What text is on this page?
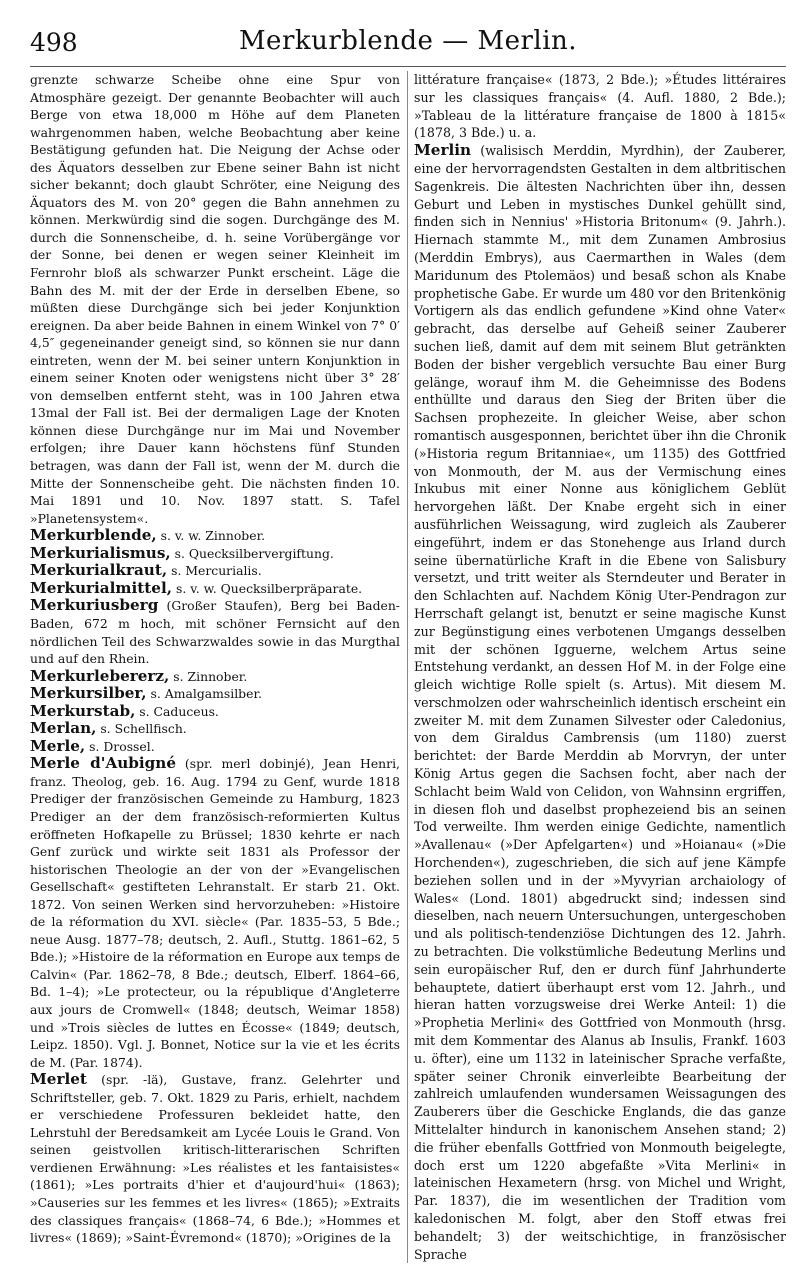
498	Merkurblende — Merlin.

grenzte schwarze Scheibe ohne eine Spur von Atmosphäre gezeigt. Der genannte Beobachter will auch Berge von etwa 18,000 m Höhe auf dem Planeten wahrgenommen haben, welche Beobachtung aber keine Bestätigung gefunden hat. Die Neigung der Achse oder des Äquators desselben zur Ebene seiner Bahn ist nicht sicher bekannt; doch glaubt Schröter, eine Neigung des Äquators des M. von 20° gegen die Bahn annehmen zu können. Merkwürdig sind die sogen. Durchgänge des M. durch die Sonnenscheibe, d. h. seine Vorübergänge vor der Sonne, bei denen er wegen seiner Kleinheit im Fernrohr bloß als schwarzer Punkt erscheint. Läge die Bahn des M. mit der der Erde in derselben Ebene, so müßten diese Durchgänge sich bei jeder Konjunktion ereignen. Da aber beide Bahnen in einem Winkel von 7° 0′ 4,5″ gegeneinander geneigt sind, so können sie nur dann eintreten, wenn der M. bei seiner untern Konjunktion in einem seiner Knoten oder wenigstens nicht über 3° 28′ von demselben entfernt steht, was in 100 Jahren etwa 13mal der Fall ist. Bei der dermaligen Lage der Knoten können diese Durchgänge nur im Mai und November erfolgen; ihre Dauer kann höchstens fünf Stunden betragen, was dann der Fall ist, wenn der M. durch die Mitte der Sonnenscheibe geht. Die nächsten finden 10. Mai 1891 und 10. Nov. 1897 statt. S. Tafel »Planetensystem«.

Merkurblende, s. v. w. Zinnober.

Merkurialismus, s. Quecksilbervergiftung.

Merkurialkraut, s. Mercurialis.

Merkurialmittel, s. v. w. Quecksilberpräparate.

Merkuriusberg (Großer Staufen), Berg bei Baden-Baden, 672 m hoch, mit schöner Fernsicht auf den nördlichen Teil des Schwarzwaldes sowie in das Murgthal und auf den Rhein.

Merkurlebererz, s. Zinnober.

Merkursilber, s. Amalgamsilber.

Merkurstab, s. Caduceus.

Merlan, s. Schellfisch.

Merle, s. Drossel.

Merle d'Aubigné (spr. merl dobinjé), Jean Henri, franz. Theolog, geb. 16. Aug. 1794 zu Genf, wurde 1818 Prediger der französischen Gemeinde zu Hamburg, 1823 Prediger an der dem französisch-reformierten Kultus eröffneten Hofkapelle zu Brüssel; 1830 kehrte er nach Genf zurück und wirkte seit 1831 als Professor der historischen Theologie an der von der »Evangelischen Gesellschaft« gestifteten Lehranstalt. Er starb 21. Okt. 1872. Von seinen Werken sind hervorzuheben: »Histoire de la réformation du XVI. siècle« (Par. 1835–53, 5 Bde.; neue Ausg. 1877–78; deutsch, 2. Aufl., Stuttg. 1861–62, 5 Bde.); »Histoire de la réformation en Europe aux temps de Calvin« (Par. 1862–78, 8 Bde.; deutsch, Elberf. 1864–66, Bd. 1–4); »Le protecteur, ou la république d'Angleterre aux jours de Cromwell« (1848; deutsch, Weimar 1858) und »Trois siècles de luttes en Écosse« (1849; deutsch, Leipz. 1850). Vgl. J. Bonnet, Notice sur la vie et les écrits de M. (Par. 1874).

Merlet (spr. -lä), Gustave, franz. Gelehrter und Schriftsteller, geb. 7. Okt. 1829 zu Paris, erhielt, nachdem er verschiedene Professuren bekleidet hatte, den Lehrstuhl der Beredsamkeit am Lycée Louis le Grand. Von seinen geistvollen kritisch-litterarischen Schriften verdienen Erwähnung: »Les réalistes et les fantaisistes« (1861); »Les portraits d'hier et d'aujourd'hui« (1863); »Causeries sur les femmes et les livres« (1865); »Extraits des classiques français« (1868–74, 6 Bde.); »Hommes et livres« (1869); »Saint-Évremond« (1870); »Origines de la

littérature française« (1873, 2 Bde.); »Études littéraires sur les classiques français« (4. Aufl. 1880, 2 Bde.); »Tableau de la littérature française de 1800 à 1815« (1878, 3 Bde.) u. a.

Merlin (walisisch Merddin, Myrdhin), der Zauberer, eine der hervorragendsten Gestalten in dem altbritischen Sagenkreis. Die ältesten Nachrichten über ihn, dessen Geburt und Leben in mystisches Dunkel gehüllt sind, finden sich in Nennius' »Historia Britonum« (9. Jahrh.). Hiernach stammte M., mit dem Zunamen Ambrosius (Merddin Embrys), aus Caermarthen in Wales (dem Maridunum des Ptolemäos) und besaß schon als Knabe prophetische Gabe. Er wurde um 480 vor den Britenkönig Vortigern als das endlich gefundene »Kind ohne Vater« gebracht, das derselbe auf Geheiß seiner Zauberer suchen ließ, damit auf dem mit seinem Blut getränkten Boden der bisher vergeblich versuchte Bau einer Burg gelänge, worauf ihm M. die Geheimnisse des Bodens enthüllte und daraus den Sieg der Briten über die Sachsen prophezeite. In gleicher Weise, aber schon romantisch ausgesponnen, berichtet über ihn die Chronik (»Historia regum Britanniae«, um 1135) des Gottfried von Monmouth, der M. aus der Vermischung eines Inkubus mit einer Nonne aus königlichem Geblüt hervorgehen läßt. Der Knabe ergeht sich in einer ausführlichen Weissagung, wird zugleich als Zauberer eingeführt, indem er das Stonehenge aus Irland durch seine übernatürliche Kraft in die Ebene von Salisbury versetzt, und tritt weiter als Sterndeuter und Berater in den Schlachten auf. Nachdem König Uter-Pendragon zur Herrschaft gelangt ist, benutzt er seine magische Kunst zur Begünstigung eines verbotenen Umgangs desselben mit der schönen Igguerne, welchem Artus seine Entstehung verdankt, an dessen Hof M. in der Folge eine gleich wichtige Rolle spielt (s. Artus). Mit diesem M. verschmolzen oder wahrscheinlich identisch erscheint ein zweiter M. mit dem Zunamen Silvester oder Caledonius, von dem Giraldus Cambrensis (um 1180) zuerst berichtet: der Barde Merddin ab Morvryn, der unter König Artus gegen die Sachsen focht, aber nach der Schlacht beim Wald von Celidon, von Wahnsinn ergriffen, in diesen floh und daselbst prophezeiend bis an seinen Tod verweilte. Ihm werden einige Gedichte, namentlich »Avallenau« (»Der Apfelgarten«) und »Hoianau« (»Die Horchenden«), zugeschrieben, die sich auf jene Kämpfe beziehen sollen und in der »Myvyrian archaiology of Wales« (Lond. 1801) abgedruckt sind; indessen sind dieselben, nach neuern Untersuchungen, untergeschoben und als politisch-tendenziöse Dichtungen des 12. Jahrh. zu betrachten. Die volkstümliche Bedeutung Merlins und sein europäischer Ruf, den er durch fünf Jahrhunderte behauptete, datiert überhaupt erst vom 12. Jahrh., und hieran hatten vorzugsweise drei Werke Anteil: 1) die »Prophetia Merlini« des Gottfried von Monmouth (hrsg. mit dem Kommentar des Alanus ab Insulis, Frankf. 1603 u. öfter), eine um 1132 in lateinischer Sprache verfaßte, später seiner Chronik einverleibte Bearbeitung der zahlreich umlaufenden wundersamen Weissagungen des Zauberers über die Geschicke Englands, die das ganze Mittelalter hindurch in kanonischem Ansehen stand; 2) die früher ebenfalls Gottfried von Monmouth beigelegte, doch erst um 1220 abgefaßte »Vita Merlini« in lateinischen Hexametern (hrsg. von Michel und Wright, Par. 1837), die im wesentlichen der Tradition vom kaledonischen M. folgt, aber den Stoff etwas frei behandelt; 3) der weitschichtige, in französischer Sprache
